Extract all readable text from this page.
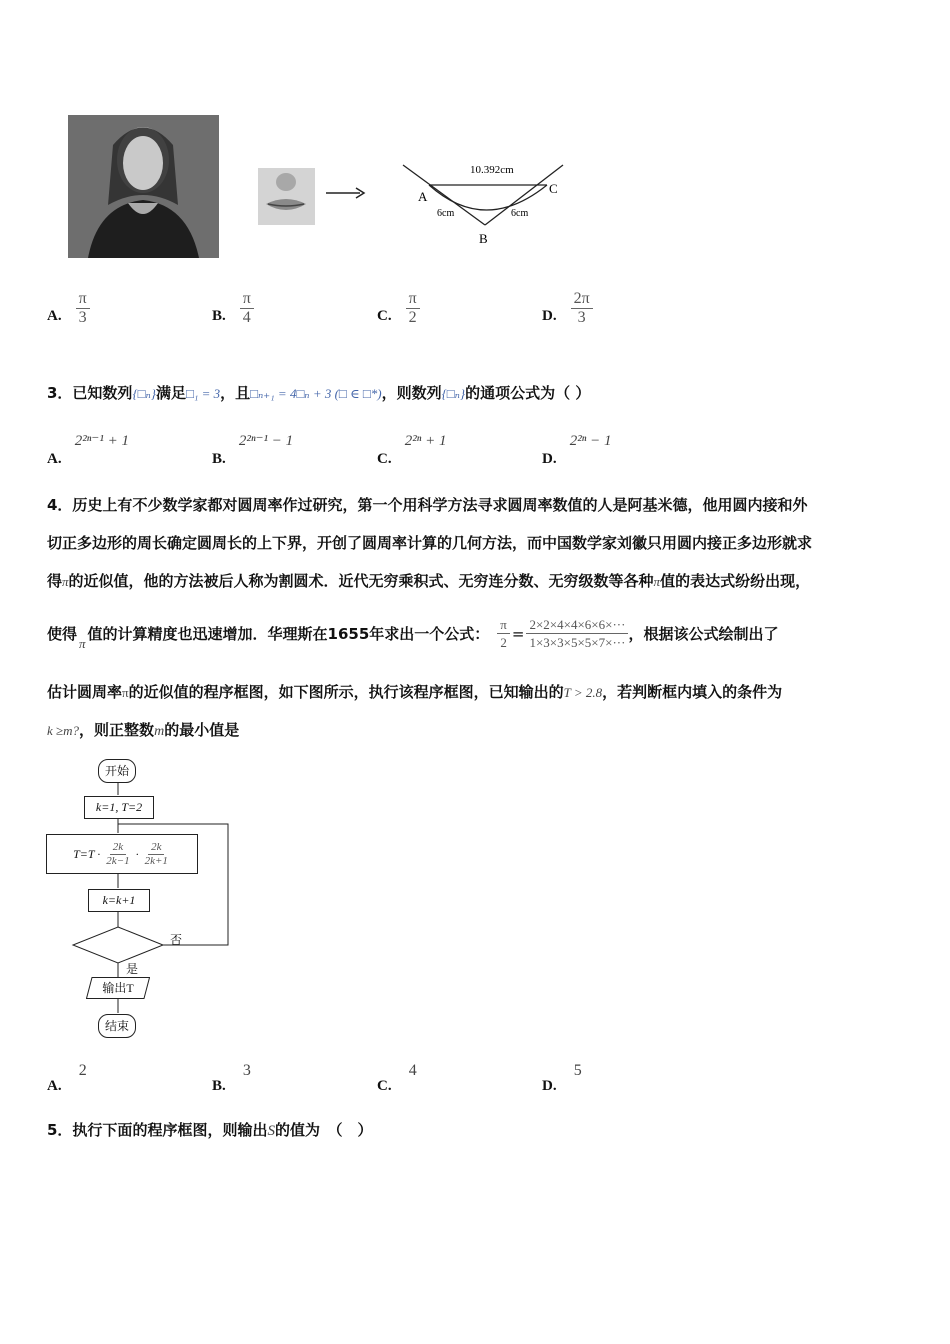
10.392cm
A
C
B
6cm	6cm
A. $\frac{\pi}{3}$	B. $\frac{\pi}{4}$	C. $\frac{\pi}{2}$	D. $\frac{2\pi}{3}$
3．已知数列{□ₙ}满足□₁ = 3，且□ₙ₊₁ = 4□ₙ + 3 (□ ∈ □*)，则数列{□ₙ}的通项公式为（ ）
A. 2²ⁿ⁻¹ + 1
B. 2²ⁿ⁻¹ − 1
C. 2²ⁿ + 1
D. 2²ⁿ − 1
4．历史上有不少数学家都对圆周率作过研究，第一个用科学方法寻求圆周率数值的人是阿基米德，他用圆内接和外
切正多边形的周长确定圆周长的上下界，开创了圆周率计算的几何方法，而中国数学家刘徽只用圆内接正多边形就求
得π的近似值，他的方法被后人称为割圆术．近代无穷乘积式、无穷连分数、无穷级数等各种π值的表达式纷纷出现，
使得 π 值的计算精度也迅速增加．华理斯在1655年求出一个公式： $\frac{\pi}{2} = \frac{2\times 2\times 4\times 4\times 6\times 6\times\cdot\cdot\cdot}{1\times 3\times 3\times 5\times 5\times 7\times\cdot\cdot\cdot}$ ，根据该公式绘制出了
估计圆周率π的近似值的程序框图，如下图所示，执行该程序框图，已知输出的T > 2.8，若判断框内填入的条件为
k ≥m?，则正整数m的最小值是
开始
k=1, T=2
$T=T \cdot \frac{2k}{2k-1} \cdot \frac{2k}{2k+1}$
k=k+1
否
是
输出T
结束
A. 2
B. 3
C. 4
D. 5
5．执行下面的程序框图，则输出S的值为　（　）
